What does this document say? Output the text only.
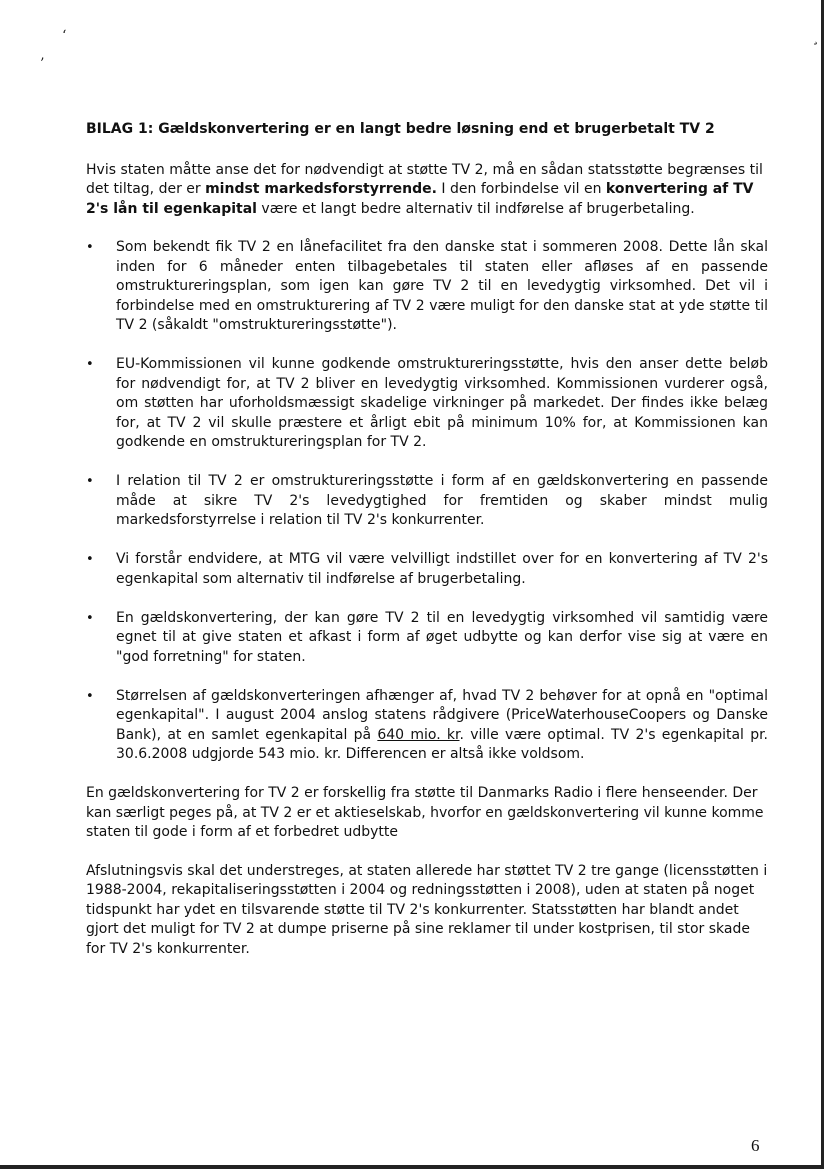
‘
’
¸
BILAG 1: Gældskonvertering er en langt bedre løsning end et brugerbetalt TV 2

Hvis staten måtte anse det for nødvendigt at støtte TV 2, må en sådan statsstøtte begrænses til det tiltag, der er mindst markedsforstyrrende. I den forbindelse vil en konvertering af TV 2's lån til egenkapital være et langt bedre alternativ til indførelse af brugerbetaling.

• Som bekendt fik TV 2 en lånefacilitet fra den danske stat i sommeren 2008. Dette lån skal inden for 6 måneder enten tilbagebetales til staten eller afløses af en passende omstruktureringsplan, som igen kan gøre TV 2 til en levedygtig virksomhed. Det vil i forbindelse med en omstrukturering af TV 2 være muligt for den danske stat at yde støtte til TV 2 (såkaldt "omstruktureringsstøtte").
• EU-Kommissionen vil kunne godkende omstruktureringsstøtte, hvis den anser dette beløb for nødvendigt for, at TV 2 bliver en levedygtig virksomhed. Kommissionen vurderer også, om støtten har uforholdsmæssigt skadelige virkninger på markedet. Der findes ikke belæg for, at TV 2 vil skulle præstere et årligt ebit på minimum 10% for, at Kommissionen kan godkende en omstruktureringsplan for TV 2.
• I relation til TV 2 er omstruktureringsstøtte i form af en gældskonvertering en passende måde at sikre TV 2's levedygtighed for fremtiden og skaber mindst mulig markedsforstyrrelse i relation til TV 2's konkurrenter.
• Vi forstår endvidere, at MTG vil være velvilligt indstillet over for en konvertering af TV 2's egenkapital som alternativ til indførelse af brugerbetaling.
• En gældskonvertering, der kan gøre TV 2 til en levedygtig virksomhed vil samtidig være egnet til at give staten et afkast i form af øget udbytte og kan derfor vise sig at være en "god forretning" for staten.
• Størrelsen af gældskonverteringen afhænger af, hvad TV 2 behøver for at opnå en "optimal egenkapital". I august 2004 anslog statens rådgivere (PriceWaterhouseCoopers og Danske Bank), at en samlet egenkapital på 640 mio. kr. ville være optimal. TV 2's egenkapital pr. 30.6.2008 udgjorde 543 mio. kr. Differencen er altså ikke voldsom.

En gældskonvertering for TV 2 er forskellig fra støtte til Danmarks Radio i flere henseender. Der kan særligt peges på, at TV 2 er et aktieselskab, hvorfor en gældskonvertering vil kunne komme staten til gode i form af et forbedret udbytte

Afslutningsvis skal det understreges, at staten allerede har støttet TV 2 tre gange (licensstøtten i 1988-2004, rekapitaliseringsstøtten i 2004 og redningsstøtten i 2008), uden at staten på noget tidspunkt har ydet en tilsvarende støtte til TV 2's konkurrenter. Statsstøtten har blandt andet gjort det muligt for TV 2 at dumpe priserne på sine reklamer til under kostprisen, til stor skade for TV 2's konkurrenter.

6
